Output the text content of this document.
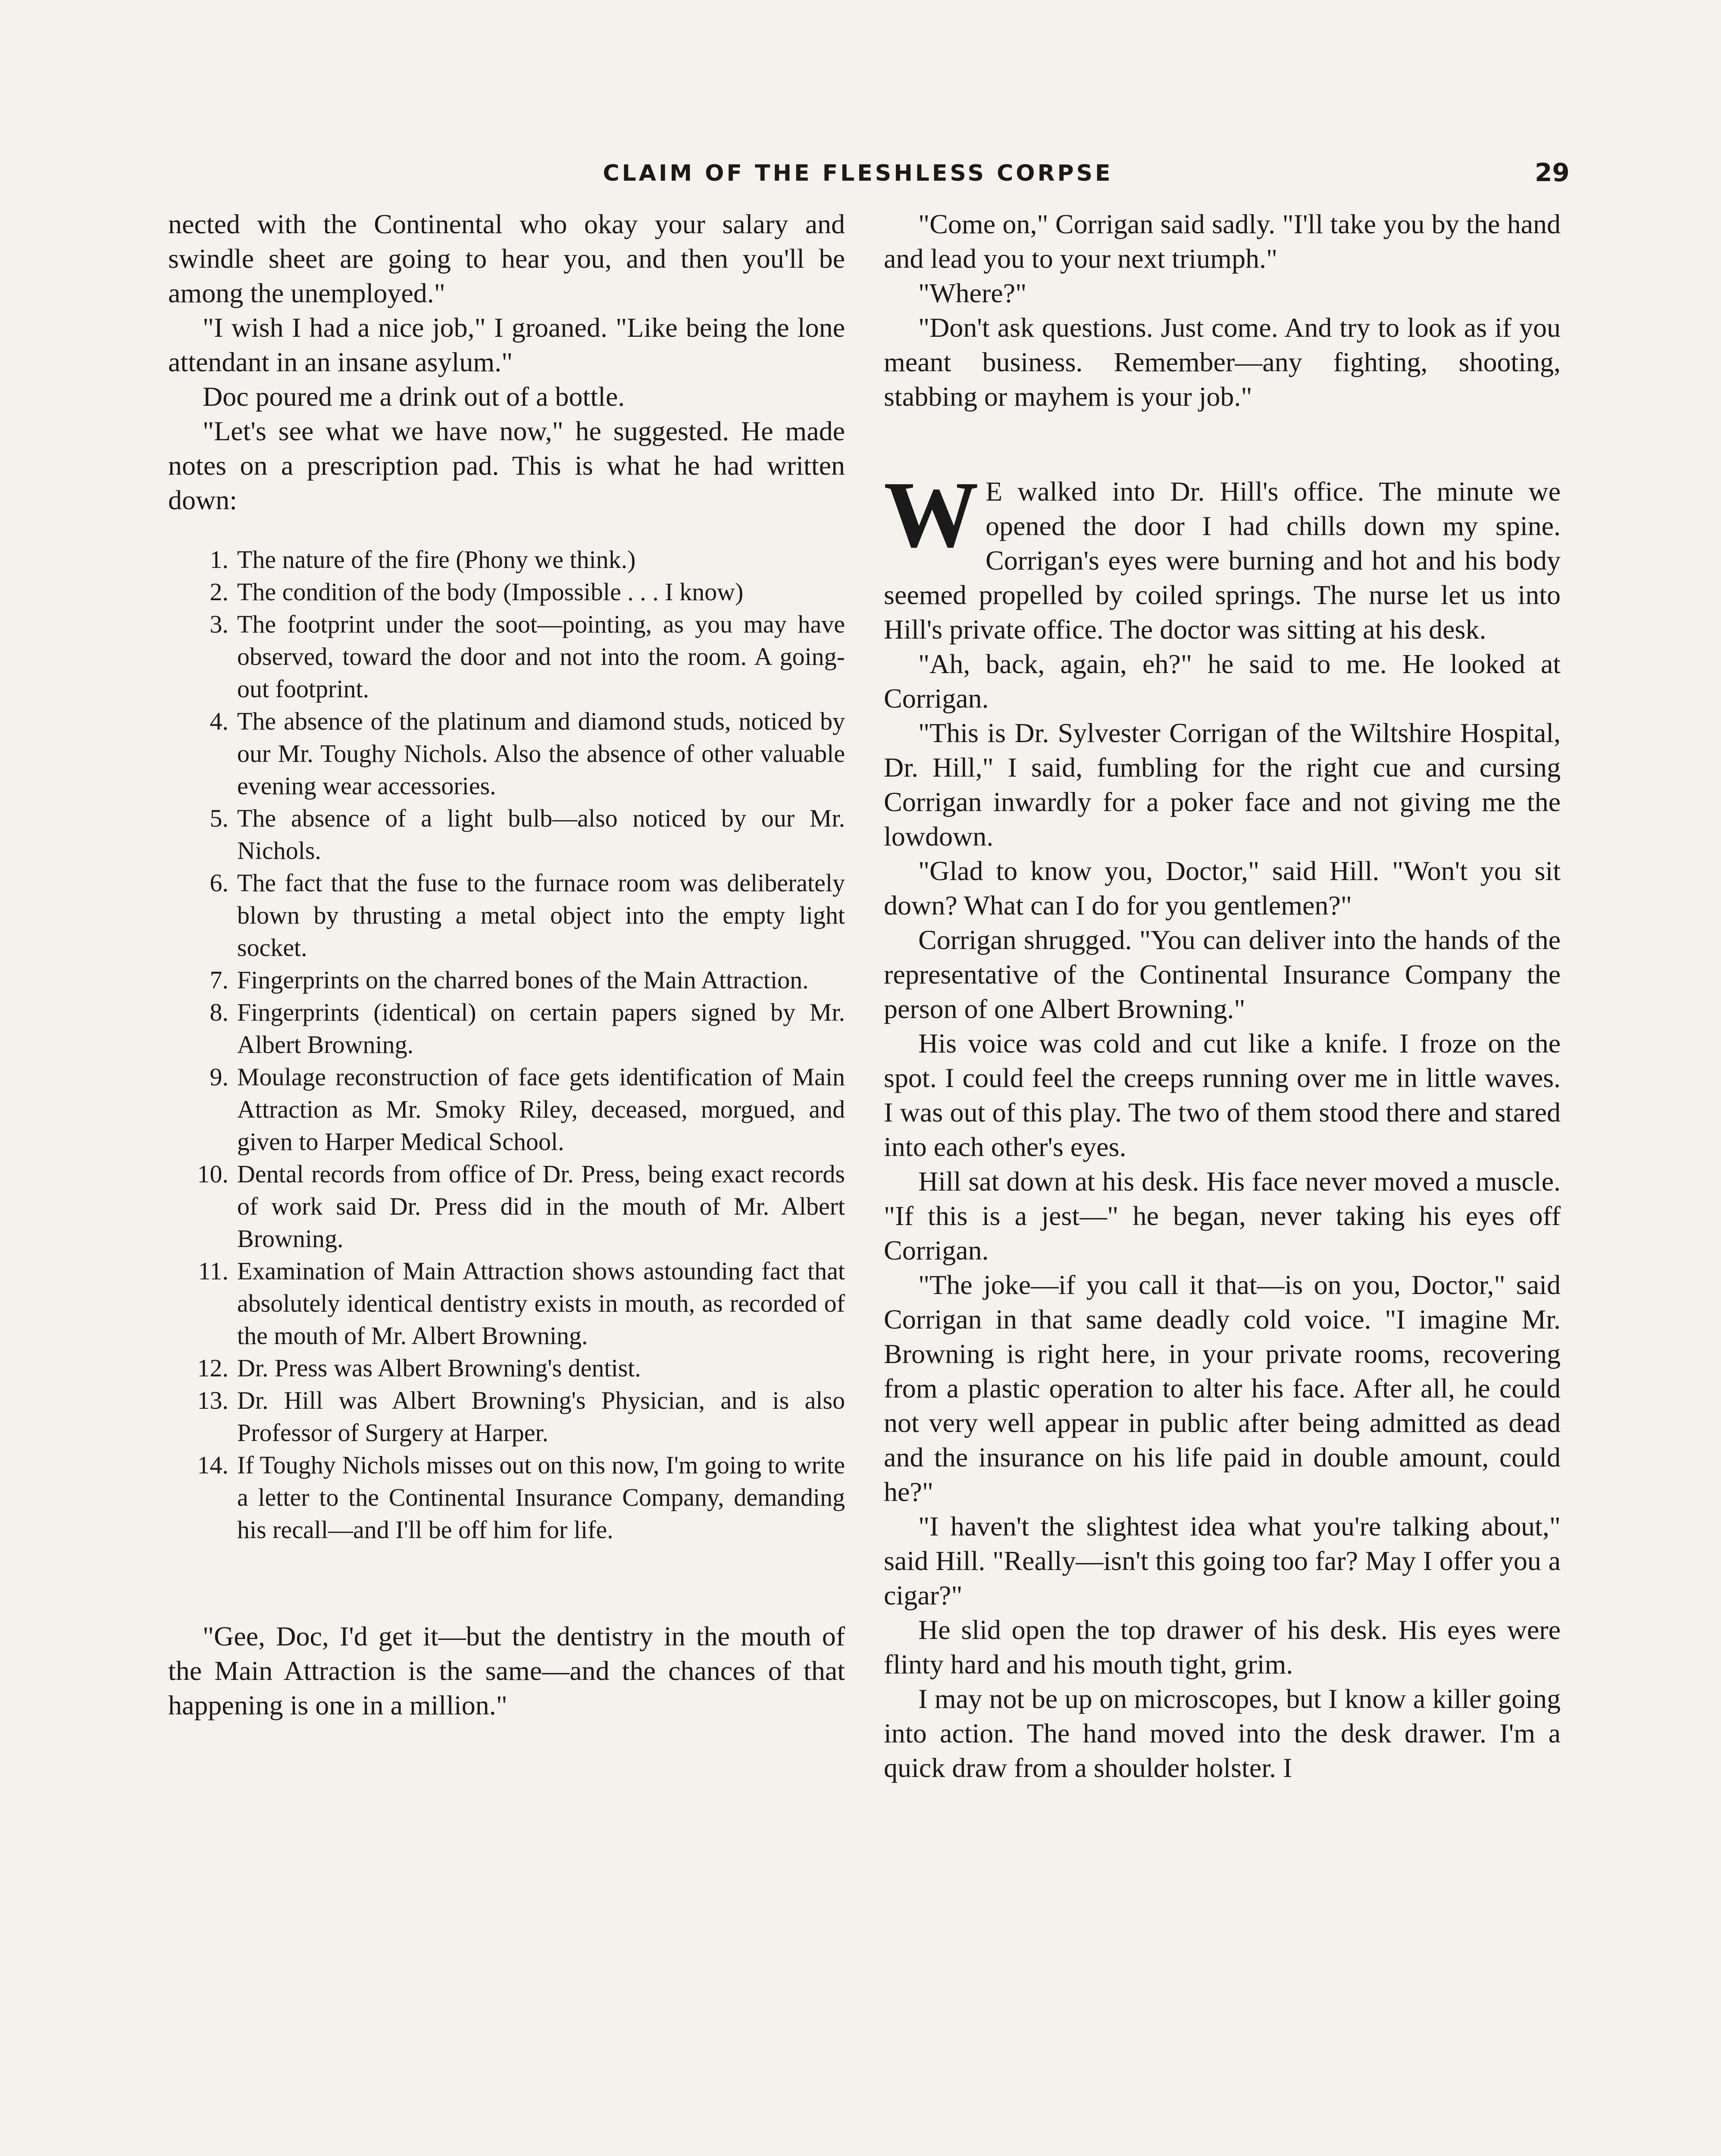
CLAIM OF THE FLESHLESS CORPSE	29

nected with the Continental who okay your salary and swindle sheet are going to hear you, and then you'll be among the unemployed."

"I wish I had a nice job," I groaned. "Like being the lone attendant in an insane asylum."

Doc poured me a drink out of a bottle.

"Let's see what we have now," he suggested. He made notes on a prescription pad. This is what he had written down:

1. The nature of the fire (Phony we think.)
2. The condition of the body (Impossible . . . I know)
3. The footprint under the soot—pointing, as you may have observed, toward the door and not into the room. A going-out footprint.
4. The absence of the platinum and diamond studs, noticed by our Mr. Toughy Nichols. Also the absence of other valuable evening wear accessories.
5. The absence of a light bulb—also noticed by our Mr. Nichols.
6. The fact that the fuse to the furnace room was deliberately blown by thrusting a metal object into the empty light socket.
7. Fingerprints on the charred bones of the Main Attraction.
8. Fingerprints (identical) on certain papers signed by Mr. Albert Browning.
9. Moulage reconstruction of face gets identification of Main Attraction as Mr. Smoky Riley, deceased, morgued, and given to Harper Medical School.
10. Dental records from office of Dr. Press, being exact records of work said Dr. Press did in the mouth of Mr. Albert Browning.
11. Examination of Main Attraction shows astounding fact that absolutely identical dentistry exists in mouth, as recorded of the mouth of Mr. Albert Browning.
12. Dr. Press was Albert Browning's dentist.
13. Dr. Hill was Albert Browning's Physician, and is also Professor of Surgery at Harper.
14. If Toughy Nichols misses out on this now, I'm going to write a letter to the Continental Insurance Company, demanding his recall—and I'll be off him for life.

"Gee, Doc, I'd get it—but the dentistry in the mouth of the Main Attraction is the same—and the chances of that happening is one in a million."

"Come on," Corrigan said sadly. "I'll take you by the hand and lead you to your next triumph."

"Where?"

"Don't ask questions. Just come. And try to look as if you meant business. Remember—any fighting, shooting, stabbing or mayhem is your job."

W E walked into Dr. Hill's office. The minute we opened the door I had chills down my spine. Corrigan's eyes were burning and hot and his body seemed propelled by coiled springs. The nurse let us into Hill's private office. The doctor was sitting at his desk.

"Ah, back, again, eh?" he said to me. He looked at Corrigan.

"This is Dr. Sylvester Corrigan of the Wiltshire Hospital, Dr. Hill," I said, fumbling for the right cue and cursing Corrigan inwardly for a poker face and not giving me the lowdown.

"Glad to know you, Doctor," said Hill. "Won't you sit down? What can I do for you gentlemen?"

Corrigan shrugged. "You can deliver into the hands of the representative of the Continental Insurance Company the person of one Albert Browning."

His voice was cold and cut like a knife. I froze on the spot. I could feel the creeps running over me in little waves. I was out of this play. The two of them stood there and stared into each other's eyes.

Hill sat down at his desk. His face never moved a muscle. "If this is a jest—" he began, never taking his eyes off Corrigan.

"The joke—if you call it that—is on you, Doctor," said Corrigan in that same deadly cold voice. "I imagine Mr. Browning is right here, in your private rooms, recovering from a plastic operation to alter his face. After all, he could not very well appear in public after being admitted as dead and the insurance on his life paid in double amount, could he?"

"I haven't the slightest idea what you're talking about," said Hill. "Really—isn't this going too far? May I offer you a cigar?"

He slid open the top drawer of his desk. His eyes were flinty hard and his mouth tight, grim.

I may not be up on microscopes, but I know a killer going into action. The hand moved into the desk drawer. I'm a quick draw from a shoulder holster. I
